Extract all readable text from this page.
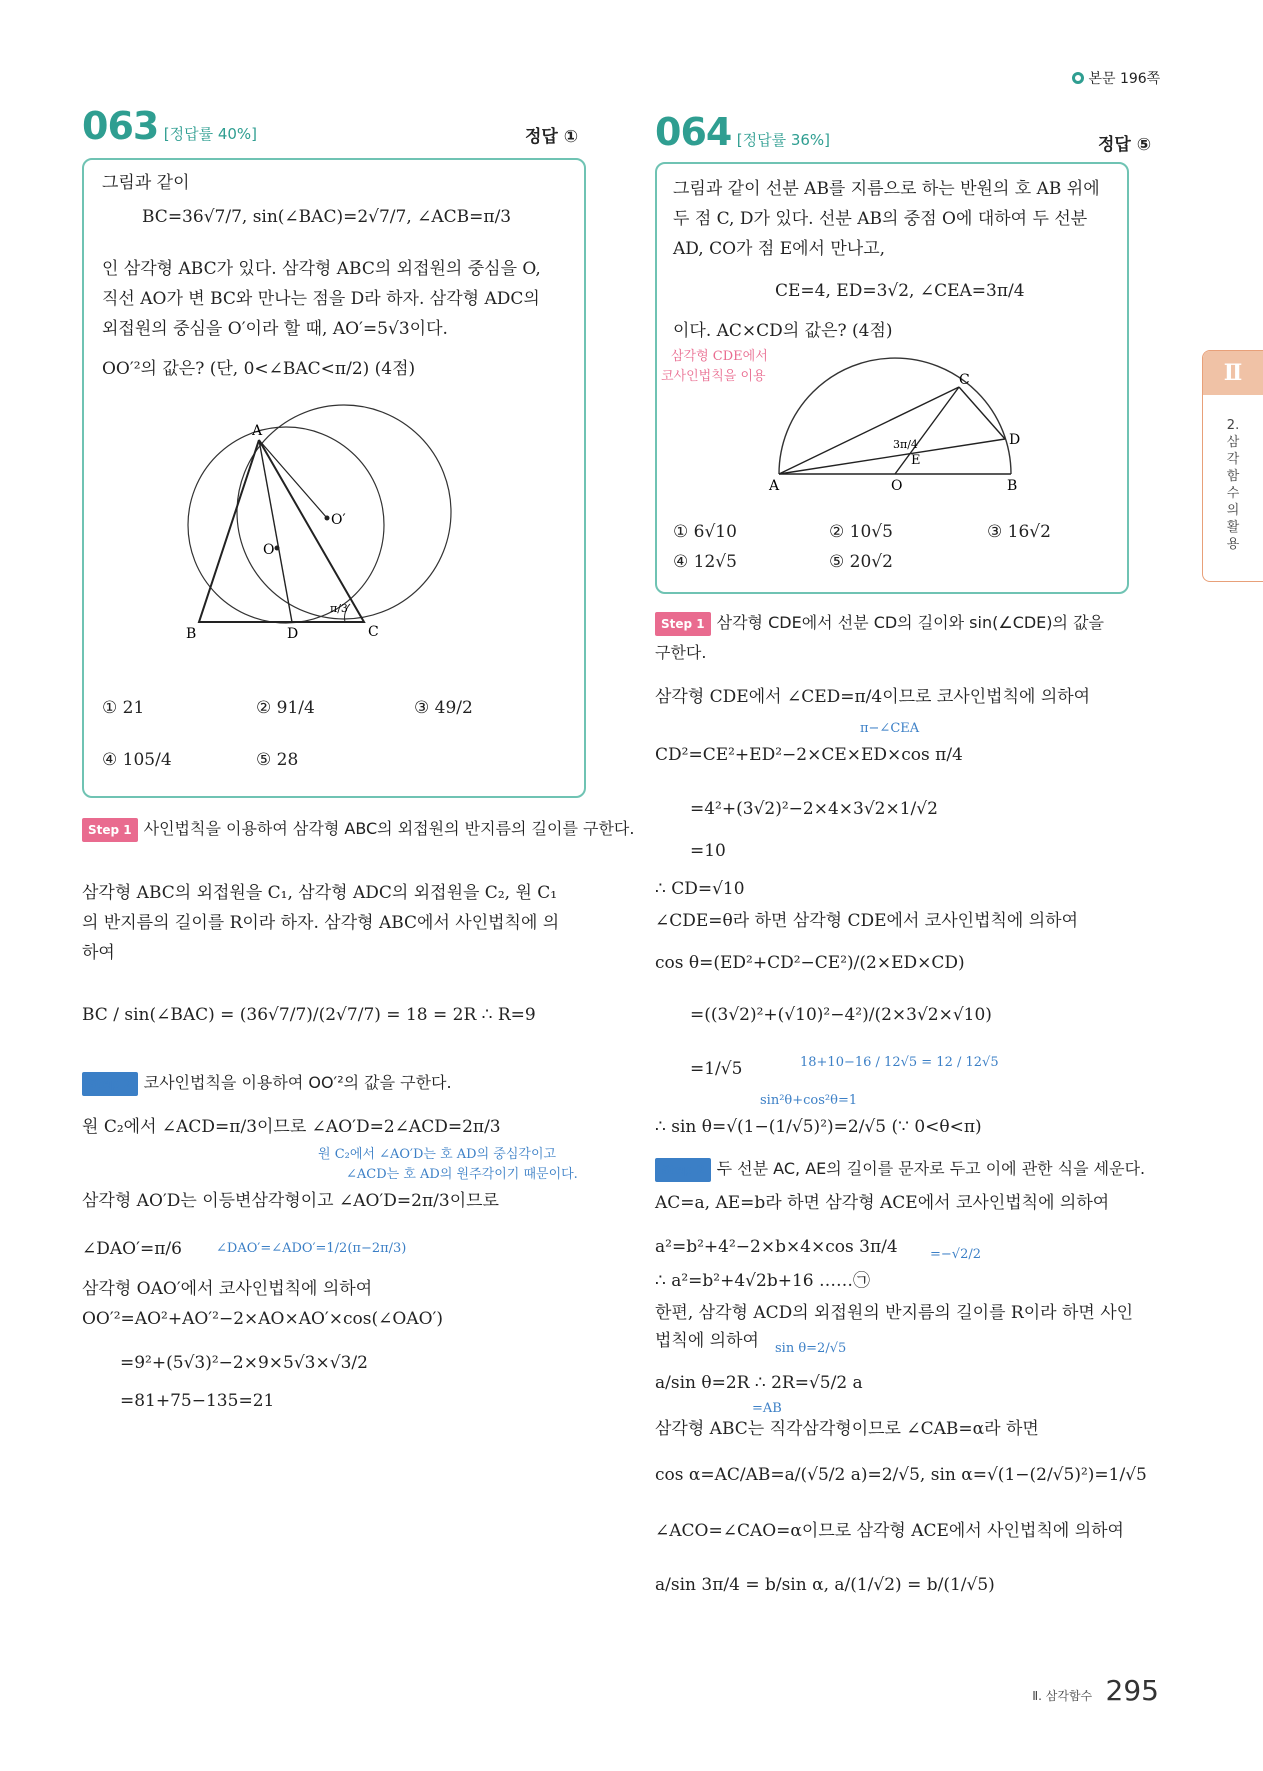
본문 196쪽
Ⅱ
2.삼각함수의활용
063 [정답률 40%]	정답 ①
그림과 같이
BC=36√7/7, sin(∠BAC)=2√7/7, ∠ACB=π/3
인 삼각형 ABC가 있다. 삼각형 ABC의 외접원의 중심을 O,
직선 AO가 변 BC와 만나는 점을 D라 하자. 삼각형 ADC의
외접원의 중심을 O′이라 할 때, AO′=5√3이다.
OO′²의 값은? (단, 0<∠BAC<π/2) (4점)
A
B	C
D
O
O′
π/3
① 21	② 91/4	③ 49/2
④ 105/4	⑤ 28
Step 1 사인법칙을 이용하여 삼각형 ABC의 외접원의 반지름의 길이를 구한다.
삼각형 ABC의 외접원을 C₁, 삼각형 ADC의 외접원을 C₂, 원 C₁
의 반지름의 길이를 R이라 하자. 삼각형 ABC에서 사인법칙에 의
하여
BC / sin(∠BAC) = (36√7/7)/(2√7/7) = 18 = 2R ∴ R=9
Step 2 코사인법칙을 이용하여 OO′²의 값을 구한다.
원 C₂에서 ∠ACD=π/3이므로 ∠AO′D=2∠ACD=2π/3
원 C₂에서 ∠AO′D는 호 AD의 중심각이고
∠ACD는 호 AD의 원주각이기 때문이다.
삼각형 AO′D는 이등변삼각형이고 ∠AO′D=2π/3이므로
∠DAO′=π/6	∠DAO′=∠ADO′=1/2(π−2π/3)
삼각형 OAO′에서 코사인법칙에 의하여
OO′²=AO²+AO′²−2×AO×AO′×cos(∠OAO′)
=9²+(5√3)²−2×9×5√3×√3/2
=81+75−135=21
064 [정답률 36%]	정답 ⑤
그림과 같이 선분 AB를 지름으로 하는 반원의 호 AB 위에
두 점 C, D가 있다. 선분 AB의 중점 O에 대하여 두 선분
AD, CO가 점 E에서 만나고,
CE=4, ED=3√2, ∠CEA=3π/4
이다. AC×CD의 값은? (4점)
삼각형 CDE에서
코사인법칙을 이용
A	O	B
C
D
E
3π/4
① 6√10	② 10√5	③ 16√2
④ 12√5	⑤ 20√2
Step 1 삼각형 CDE에서 선분 CD의 길이와 sin(∠CDE)의 값을
구한다.
삼각형 CDE에서 ∠CED=π/4이므로 코사인법칙에 의하여
π−∠CEA
CD²=CE²+ED²−2×CE×ED×cos π/4
=4²+(3√2)²−2×4×3√2×1/√2
=10
∴ CD=√10
∠CDE=θ라 하면 삼각형 CDE에서 코사인법칙에 의하여
cos θ=(ED²+CD²−CE²)/(2×ED×CD)
=((3√2)²+(√10)²−4²)/(2×3√2×√10)
18+10−16 / 12√5 = 12 / 12√5
=1/√5
sin²θ+cos²θ=1
∴ sin θ=√(1−(1/√5)²)=2/√5 (∵ 0<θ<π)
Step 2 두 선분 AC, AE의 길이를 문자로 두고 이에 관한 식을 세운다.
AC=a, AE=b라 하면 삼각형 ACE에서 코사인법칙에 의하여
a²=b²+4²−2×b×4×cos 3π/4 =−√2/2
∴ a²=b²+4√2b+16 ……㉠
한편, 삼각형 ACD의 외접원의 반지름의 길이를 R이라 하면 사인
법칙에 의하여 sin θ=2/√5
a/sin θ=2R ∴ 2R=√5/2 a
=AB
삼각형 ABC는 직각삼각형이므로 ∠CAB=α라 하면
cos α=AC/AB=a/(√5/2 a)=2/√5, sin α=√(1−(2/√5)²)=1/√5
∠ACO=∠CAO=α이므로 삼각형 ACE에서 사인법칙에 의하여
a/sin 3π/4 = b/sin α, a/(1/√2) = b/(1/√5)
Ⅱ. 삼각함수 295
